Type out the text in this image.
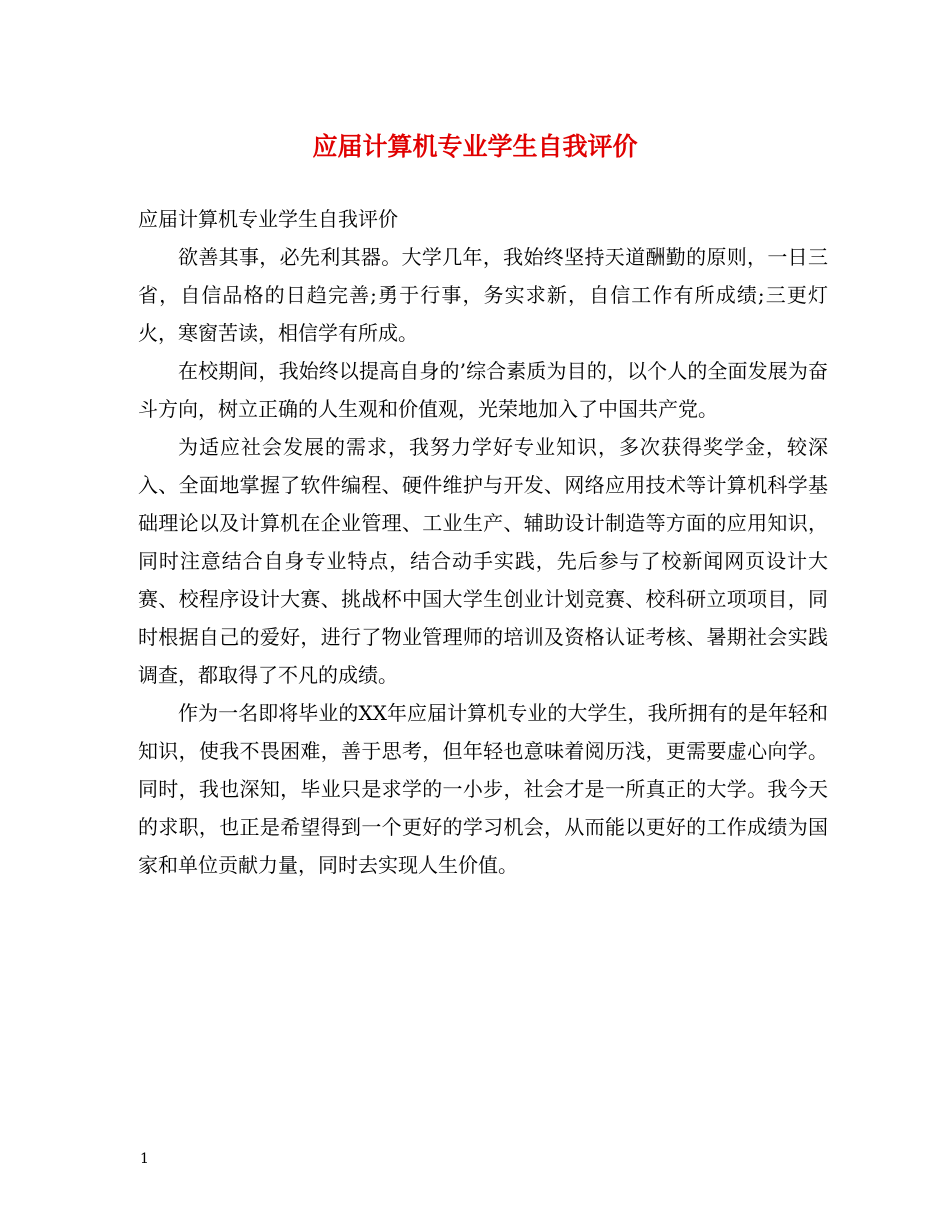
应届计算机专业学生自我评价

应届计算机专业学生自我评价

欲善其事，必先利其器。大学几年，我始终坚持天道酬勤的原则，一日三省，自信品格的日趋完善;勇于行事，务实求新，自信工作有所成绩;三更灯火，寒窗苦读，相信学有所成。

在校期间，我始终以提高自身的’综合素质为目的，以个人的全面发展为奋斗方向，树立正确的人生观和价值观，光荣地加入了中国共产党。

为适应社会发展的需求，我努力学好专业知识，多次获得奖学金，较深入、全面地掌握了软件编程、硬件维护与开发、网络应用技术等计算机科学基础理论以及计算机在企业管理、工业生产、辅助设计制造等方面的应用知识，同时注意结合自身专业特点，结合动手实践，先后参与了校新闻网页设计大赛、校程序设计大赛、挑战杯中国大学生创业计划竞赛、校科研立项项目，同时根据自己的爱好，进行了物业管理师的培训及资格认证考核、暑期社会实践调查，都取得了不凡的成绩。

作为一名即将毕业的XX年应届计算机专业的大学生，我所拥有的是年轻和知识，使我不畏困难，善于思考，但年轻也意味着阅历浅，更需要虚心向学。同时，我也深知，毕业只是求学的一小步，社会才是一所真正的大学。我今天的求职，也正是希望得到一个更好的学习机会，从而能以更好的工作成绩为国家和单位贡献力量，同时去实现人生价值。

1
